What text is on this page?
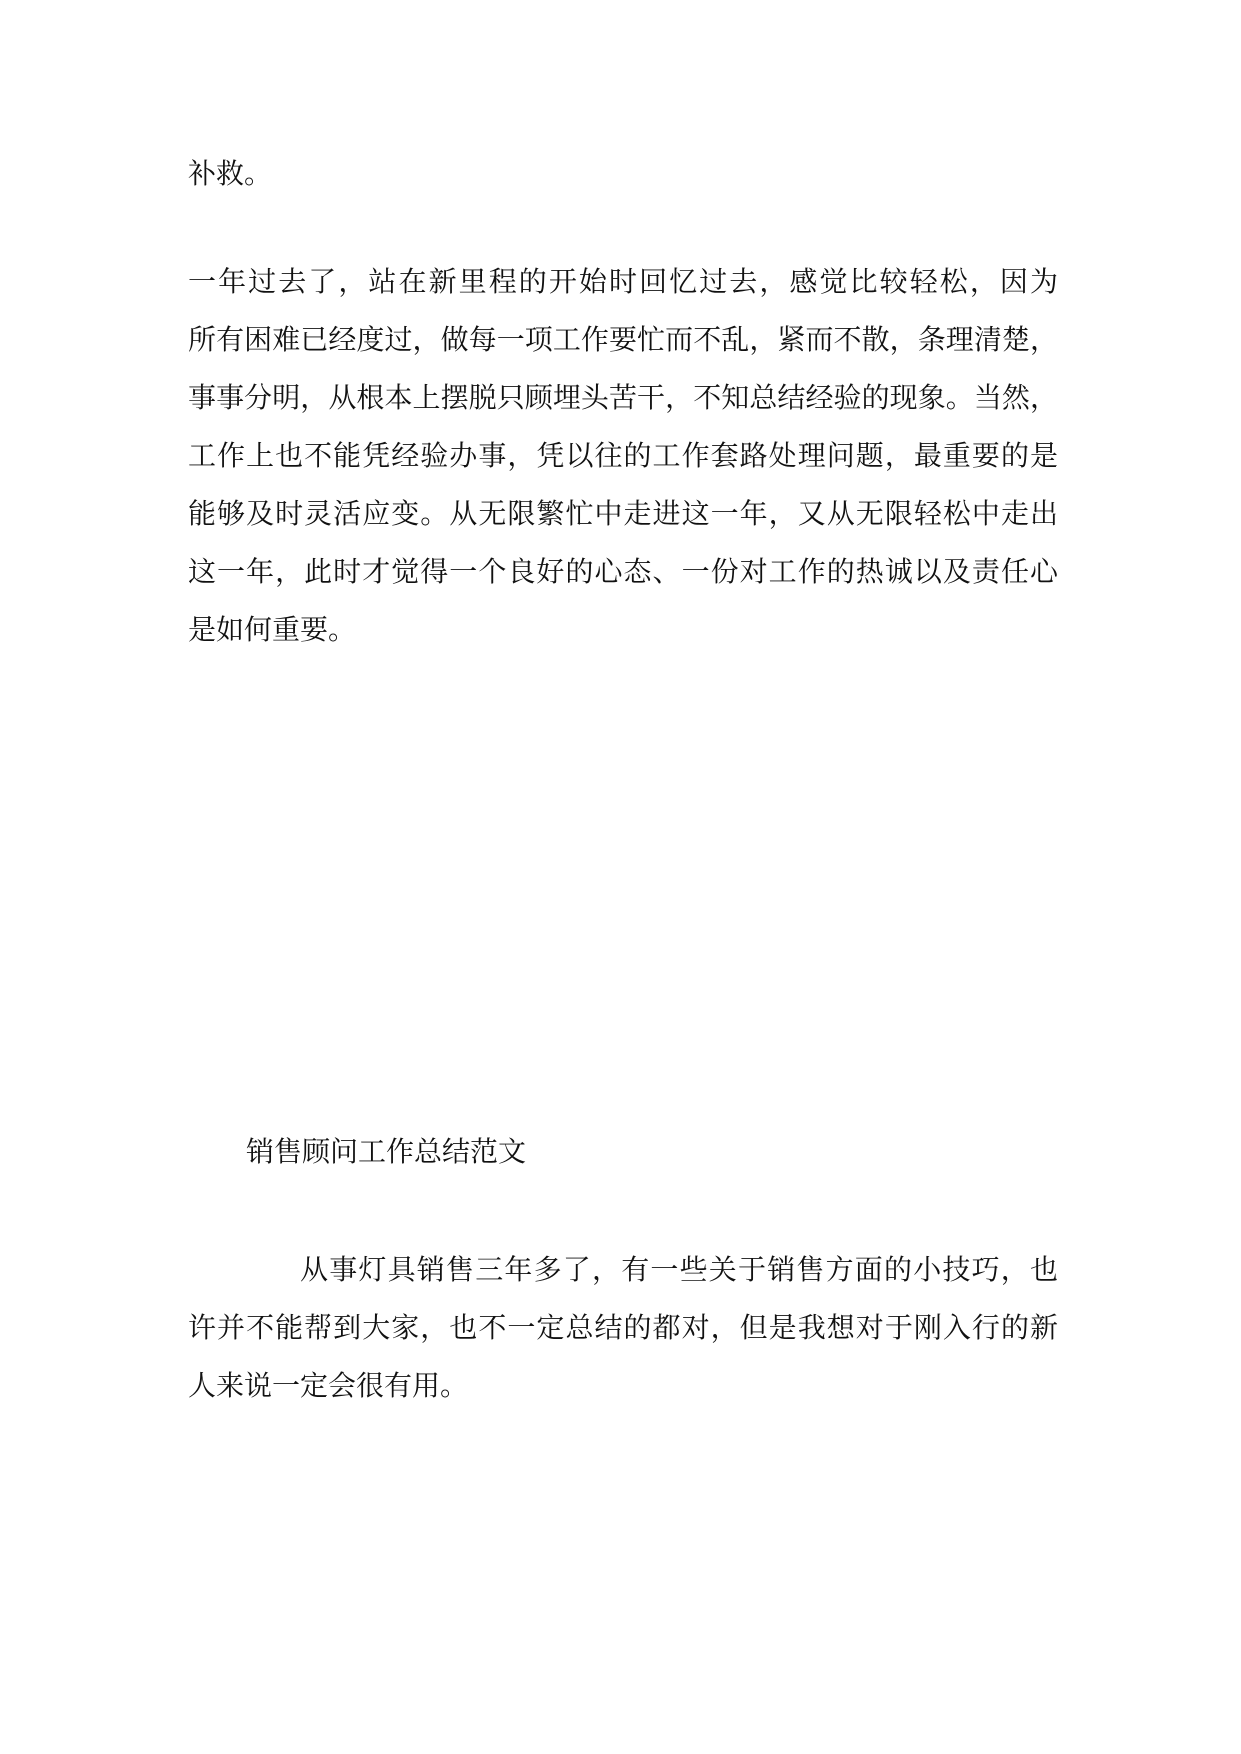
补救。
一年过去了，站在新里程的开始时回忆过去，感觉比较轻松，因为
所有困难已经度过，做每一项工作要忙而不乱，紧而不散，条理清楚，
事事分明，从根本上摆脱只顾埋头苦干，不知总结经验的现象。当然，
工作上也不能凭经验办事，凭以往的工作套路处理问题，最重要的是
能够及时灵活应变。从无限繁忙中走进这一年，又从无限轻松中走出
这一年，此时才觉得一个良好的心态、一份对工作的热诚以及责任心
是如何重要。
销售顾问工作总结范文
从事灯具销售三年多了，有一些关于销售方面的小技巧，也
许并不能帮到大家，也不一定总结的都对，但是我想对于刚入行的新
人来说一定会很有用。
